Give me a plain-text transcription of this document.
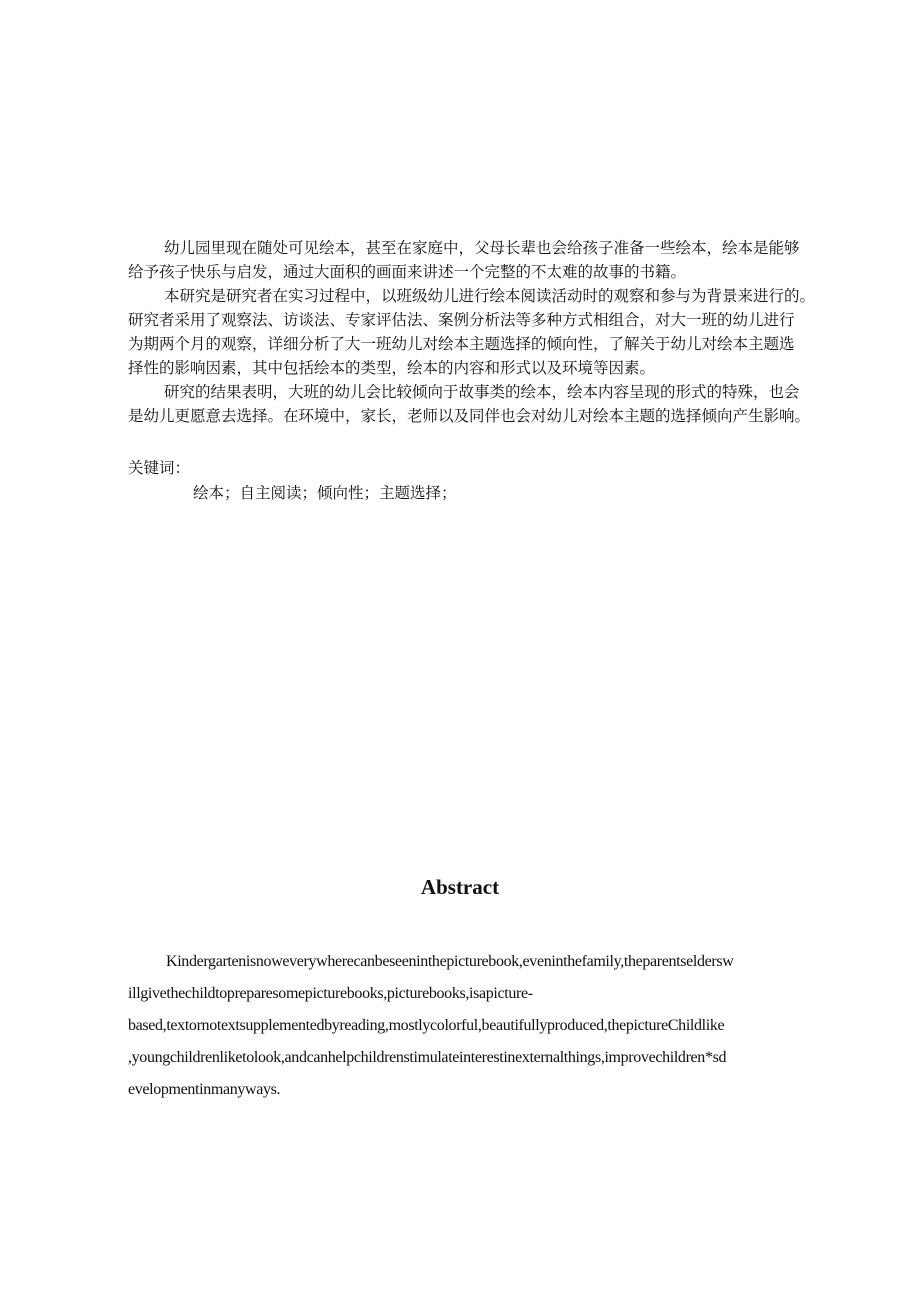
幼儿园里现在随处可见绘本，甚至在家庭中，父母长辈也会给孩子准备一些绘本，绘本是能够
给予孩子快乐与启发，通过大面积的画面来讲述一个完整的不太难的故事的书籍。
本研究是研究者在实习过程中，以班级幼儿进行绘本阅读活动时的观察和参与为背景来进行的。
研究者采用了观察法、访谈法、专家评估法、案例分析法等多种方式相组合，对大一班的幼儿进行
为期两个月的观察，详细分析了大一班幼儿对绘本主题选择的倾向性，了解关于幼儿对绘本主题选
择性的影响因素，其中包括绘本的类型，绘本的内容和形式以及环境等因素。
研究的结果表明，大班的幼儿会比较倾向于故事类的绘本，绘本内容呈现的形式的特殊，也会
是幼儿更愿意去选择。在环境中，家长，老师以及同伴也会对幼儿对绘本主题的选择倾向产生影响。
关键词：
绘本；自主阅读；倾向性；主题选择；
Abstract
Kindergartenisnoweverywherecanbeseeninthepicturebook,eveninthefamily,theparentseldersw
illgivethechildtopreparesomepicturebooks,picturebooks,isapicture-
based,textornotextsupplementedbyreading,mostlycolorful,beautifullyproduced,thepictureChildlike
,youngchildrenliketolook,andcanhelpchildrenstimulateinterestinexternalthings,improvechildren*sd
evelopmentinmanyways.
